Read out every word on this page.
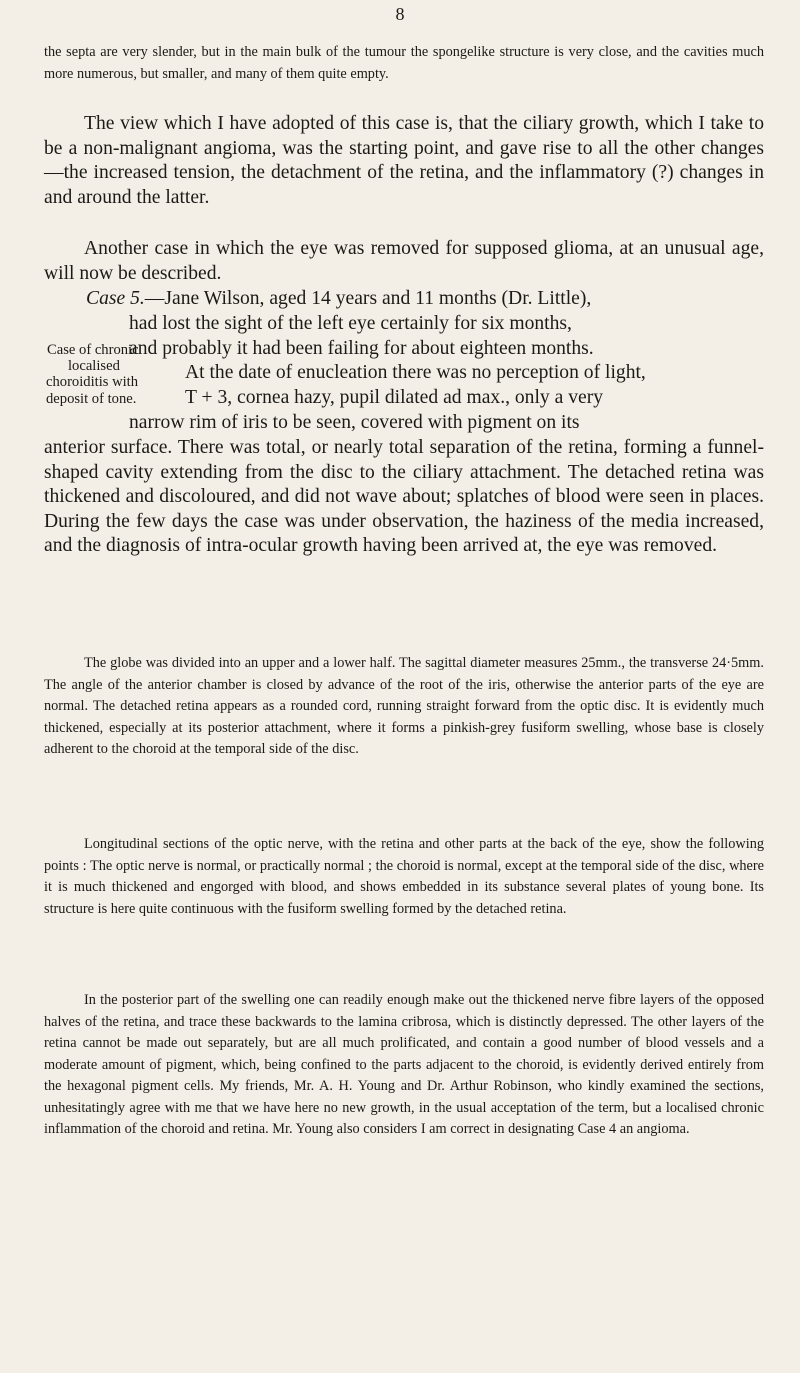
8

the septa are very slender, but in the main bulk of the tumour the spongelike structure is very close, and the cavities much more numerous, but smaller, and many of them quite empty.

The view which I have adopted of this case is, that the ciliary growth, which I take to be a non-malignant angioma, was the starting point, and gave rise to all the other changes—the increased tension, the detachment of the retina, and the inflammatory (?) changes in and around the latter.

Another case in which the eye was removed for supposed glioma, at an unusual age, will now be described.

Case 5.—Jane Wilson, aged 14 years and 11 months (Dr. Little),
had lost the sight of the left eye certainly for six months,
and probably it had been failing for about eighteen months.
At the date of enucleation there was no perception of light,
T + 3, cornea hazy, pupil dilated ad max., only a very
narrow rim of iris to be seen, covered with pigment on its
Case of chronic
localised
choroiditis with
deposit of tone.

anterior surface. There was total, or nearly total separation of the retina, forming a funnel-shaped cavity extending from the disc to the ciliary attachment. The detached retina was thickened and discoloured, and did not wave about; splatches of blood were seen in places. During the few days the case was under observation, the haziness of the media increased, and the diagnosis of intra-ocular growth having been arrived at, the eye was removed.

The globe was divided into an upper and a lower half. The sagittal diameter measures 25mm., the transverse 24·5mm. The angle of the anterior chamber is closed by advance of the root of the iris, otherwise the anterior parts of the eye are normal. The detached retina appears as a rounded cord, running straight forward from the optic disc. It is evidently much thickened, especially at its posterior attachment, where it forms a pinkish-grey fusiform swelling, whose base is closely adherent to the choroid at the temporal side of the disc.

Longitudinal sections of the optic nerve, with the retina and other parts at the back of the eye, show the following points : The optic nerve is normal, or practically normal ; the choroid is normal, except at the temporal side of the disc, where it is much thickened and engorged with blood, and shows embedded in its substance several plates of young bone. Its structure is here quite continuous with the fusiform swelling formed by the detached retina.

In the posterior part of the swelling one can readily enough make out the thickened nerve fibre layers of the opposed halves of the retina, and trace these backwards to the lamina cribrosa, which is distinctly depressed. The other layers of the retina cannot be made out separately, but are all much prolificated, and contain a good number of blood vessels and a moderate amount of pigment, which, being confined to the parts adjacent to the choroid, is evidently derived entirely from the hexagonal pigment cells. My friends, Mr. A. H. Young and Dr. Arthur Robinson, who kindly examined the sections, unhesitatingly agree with me that we have here no new growth, in the usual acceptation of the term, but a localised chronic inflammation of the choroid and retina. Mr. Young also considers I am correct in designating Case 4 an angioma.
